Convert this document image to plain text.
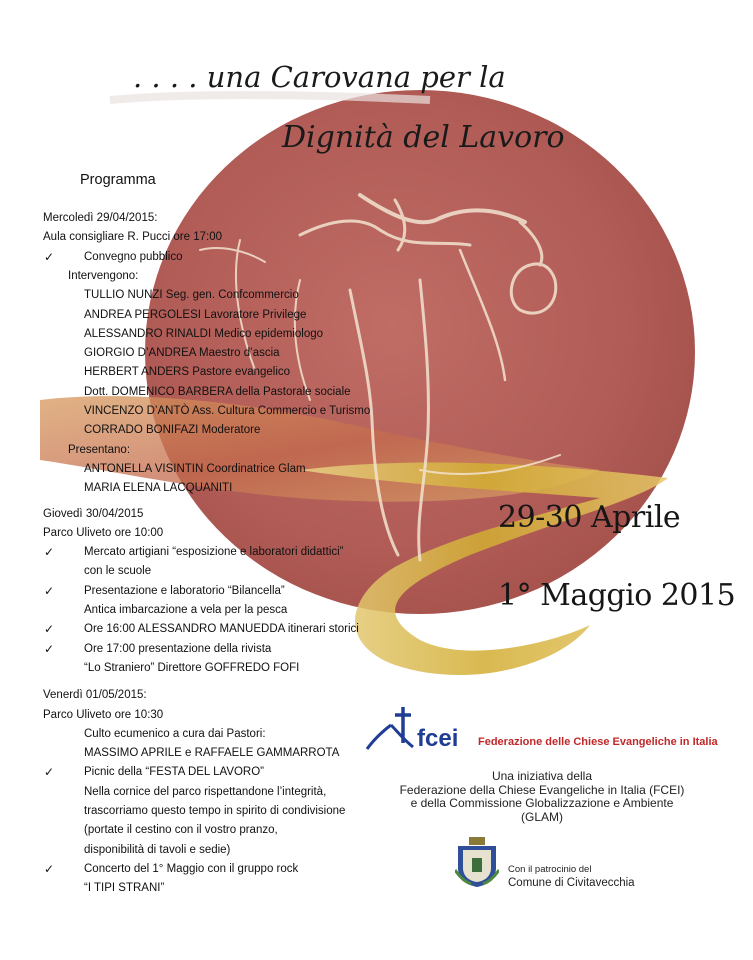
. . . . una Carovana per la
Dignità del Lavoro
Programma
Mercoledì 29/04/2015:
Aula consigliare R. Pucci ore 17:00
✓	Convegno pubblico
Intervengono:
TULLIO NUNZI Seg. gen. Confcommercio
ANDREA PERGOLESI Lavoratore Privilege
ALESSANDRO RINALDI Medico epidemiologo
GIORGIO D’ANDREA Maestro d’ascia
HERBERT ANDERS Pastore evangelico
Dott. DOMENICO BARBERA della Pastorale sociale
VINCENZO D’ANTÒ Ass. Cultura Commercio e Turismo
CORRADO BONIFAZI Moderatore
Presentano:
ANTONELLA VISINTIN Coordinatrice Glam
MARIA ELENA LACQUANITI
Giovedì 30/04/2015
Parco Uliveto ore 10:00
✓	Mercato artigiani “esposizione e laboratori didattici”
con le scuole
✓	Presentazione e laboratorio “Bilancella”
Antica imbarcazione a vela per la pesca
✓	Ore 16:00 ALESSANDRO MANUEDDA itinerari storici
✓	Ore 17:00 presentazione della rivista
“Lo Straniero” Direttore GOFFREDO FOFI
Venerdì 01/05/2015:
Parco Uliveto ore 10:30
Culto ecumenico a cura dai Pastori:
MASSIMO APRILE e RAFFAELE GAMMARROTA
✓	Picnic della “FESTA DEL LAVORO”
Nella cornice del parco rispettandone l’integrità,
trascorriamo questo tempo in spirito di condivisione
(portate il cestino con il vostro pranzo,
disponibilità di tavoli e sedie)
✓	Concerto del 1° Maggio con il gruppo rock
“I TIPI STRANI”
29-30 Aprile
1° Maggio 2015
fcei Federazione delle Chiese Evangeliche in Italia
Una iniziativa della
Federazione della Chiese Evangeliche in Italia (FCEI)
e della Commissione Globalizzazione e Ambiente
(GLAM)
Con il patrocinio del
Comune di Civitavecchia
